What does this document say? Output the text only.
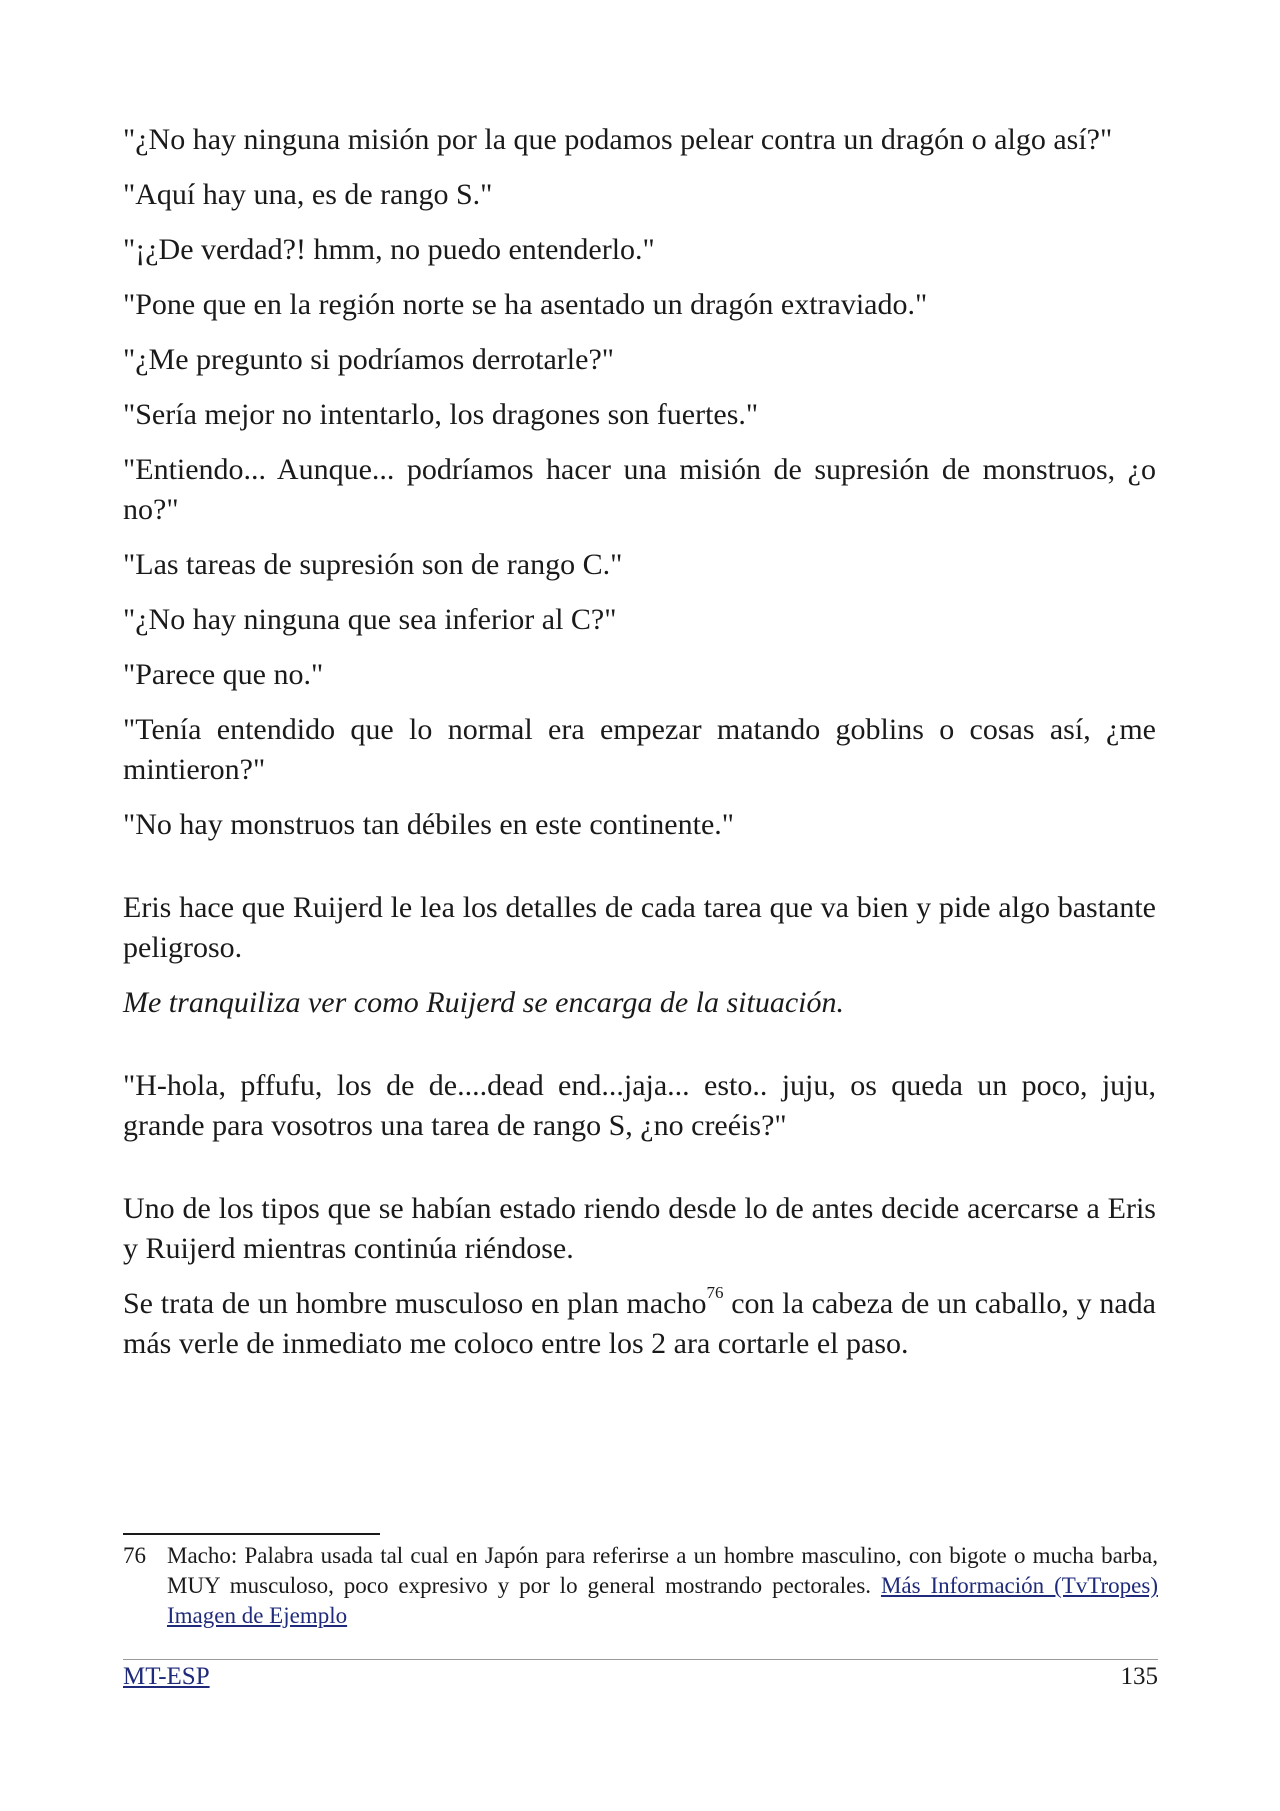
"¿No hay ninguna misión por la que podamos pelear contra un dragón o algo así?"

"Aquí hay una, es de rango S."

"¡¿De verdad?! hmm, no puedo entenderlo."

"Pone que en la región norte se ha asentado un dragón extraviado."

"¿Me pregunto si podríamos derrotarle?"

"Sería mejor no intentarlo, los dragones son fuertes."

"Entiendo... Aunque... podríamos hacer una misión de supresión de monstruos, ¿o no?"

"Las tareas de supresión son de rango C."

"¿No hay ninguna que sea inferior al C?"

"Parece que no."

"Tenía entendido que lo normal era empezar matando goblins o cosas así, ¿me mintieron?"

"No hay monstruos tan débiles en este continente."

Eris hace que Ruijerd le lea los detalles de cada tarea que va bien y pide algo bastante peligroso.

Me tranquiliza ver como Ruijerd se encarga de la situación.

"H-hola, pffufu, los de de....dead end...jaja... esto.. juju, os queda un poco, juju, grande para vosotros una tarea de rango S, ¿no creéis?"

Uno de los tipos que se habían estado riendo desde lo de antes decide acercarse a Eris y Ruijerd mientras continúa riéndose.

Se trata de un hombre musculoso en plan macho$^{76}$ con la cabeza de un caballo, y nada más verle de inmediato me coloco entre los 2 ara cortarle el paso.

76 Macho: Palabra usada tal cual en Japón para referirse a un hombre masculino, con bigote o mucha barba, MUY musculoso, poco expresivo y por lo general mostrando pectorales. Más Información (TvTropes) Imagen de Ejemplo
MT-ESP	135
